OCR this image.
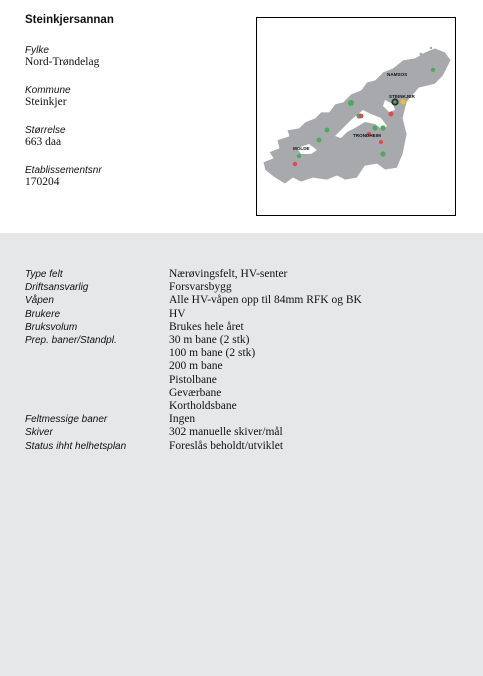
Steinkjersannan
Fylke
Nord-Trøndelag
Kommune
Steinkjer
Størrelse
663 daa
Etablissementsnr
170204
NAMSOS
STEINKJER
TRONDHEIM
MOLDE
Type felt	Nærøvingsfelt, HV-senter
Driftsansvarlig	Forsvarsbygg
Våpen	Alle HV-våpen opp til 84mm RFK og BK
Brukere	HV
Bruksvolum	Brukes hele året
Prep. baner/Standpl.	30 m bane (2 stk)
100 m bane (2 stk)
200 m bane
Pistolbane
Geværbane
Kortholdsbane
Feltmessige baner	Ingen
Skiver	302 manuelle skiver/mål
Status ihht helhetsplan	Foreslås beholdt/utviklet
